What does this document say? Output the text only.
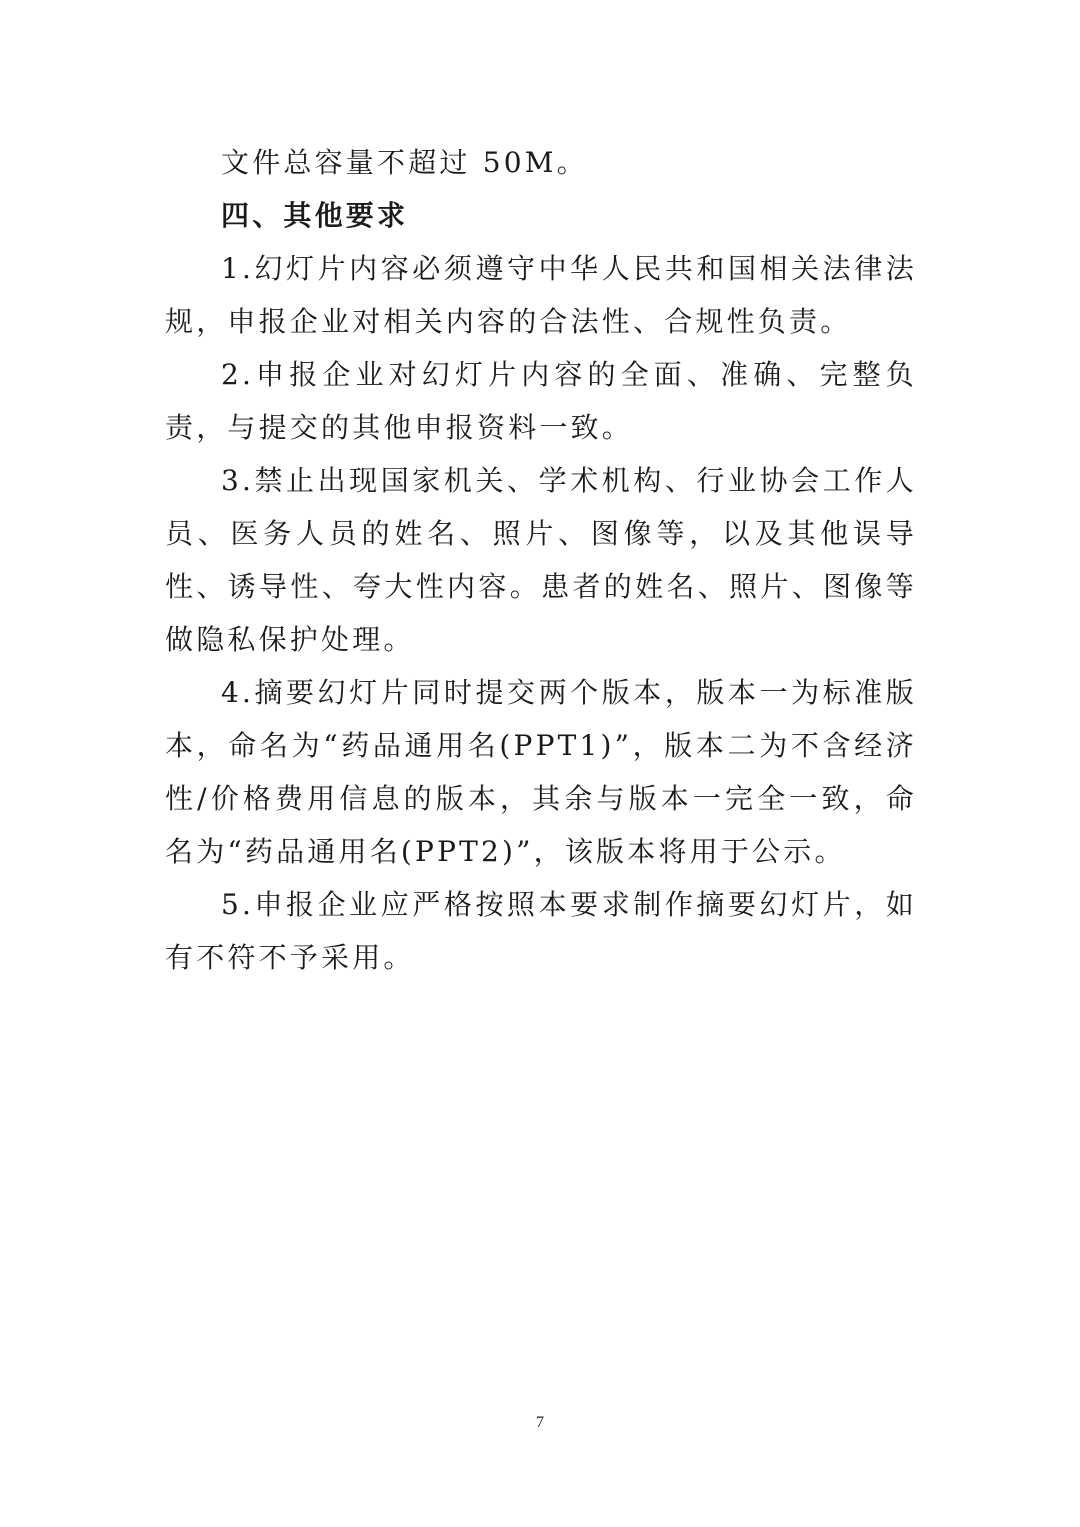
文件总容量不超过 50M。

四、其他要求

1.幻灯片内容必须遵守中华人民共和国相关法律法规，申报企业对相关内容的合法性、合规性负责。

2.申报企业对幻灯片内容的全面、准确、完整负责，与提交的其他申报资料一致。

3.禁止出现国家机关、学术机构、行业协会工作人员、医务人员的姓名、照片、图像等，以及其他误导性、诱导性、夸大性内容。患者的姓名、照片、图像等做隐私保护处理。

4.摘要幻灯片同时提交两个版本，版本一为标准版本，命名为“药品通用名(PPT1)”，版本二为不含经济性/价格费用信息的版本，其余与版本一完全一致，命名为“药品通用名(PPT2)”，该版本将用于公示。

5.申报企业应严格按照本要求制作摘要幻灯片，如有不符不予采用。

7
